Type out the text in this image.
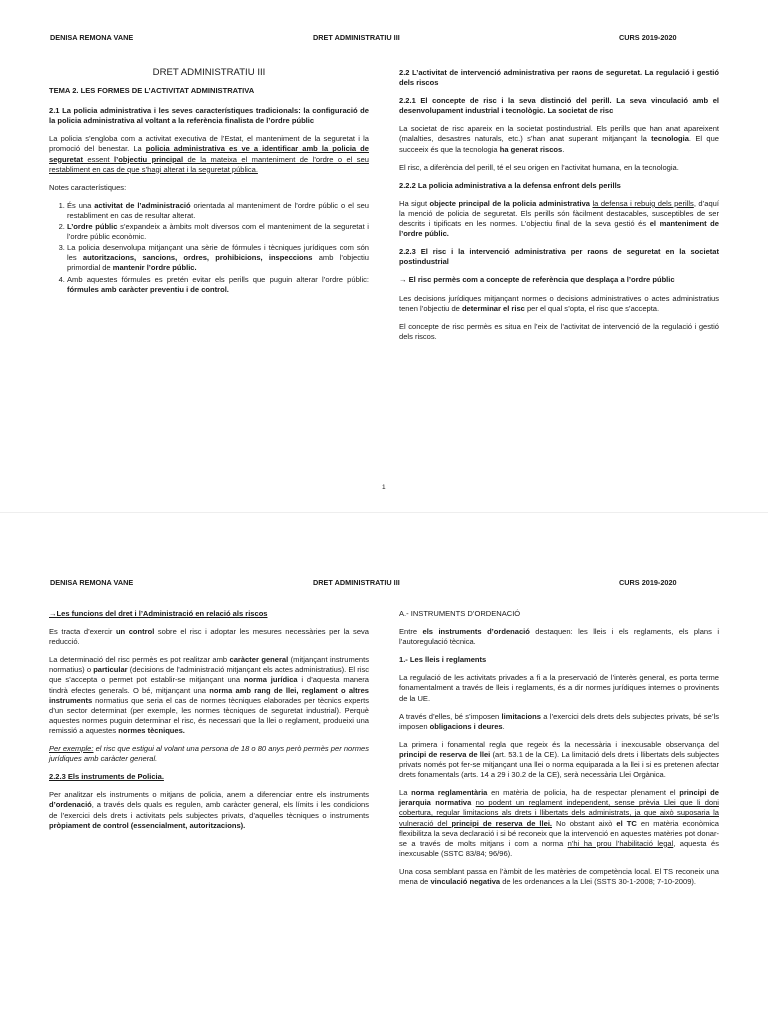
DENISA REMONA VANE	DRET ADMINISTRATIU III	CURS 2019-2020

DRET ADMINISTRATIU III

TEMA 2. LES FORMES DE L’ACTIVITAT ADMINISTRATIVA

2.1 La policia administrativa i les seves característiques tradicionals: la configuració de la policia administrativa al voltant a la referència finalista de l’ordre públic

La policia s’engloba com a activitat executiva de l’Estat, el manteniment de la seguretat i la promoció del benestar. La policia administrativa es ve a identificar amb la policia de seguretat essent l’objectiu principal de la mateixa el manteniment de l’ordre o el seu restabliment en cas de que s’hagi alterat i la seguretat pública.

Notes característiques:

1. És una activitat de l’administració orientada al manteniment de l’ordre públic o el seu restabliment en cas de resultar alterat.
2. L’ordre públic s’expandeix a àmbits molt diversos com el manteniment de la seguretat i l’ordre públic econòmic.
3. La policia desenvolupa mitjançant una sèrie de fórmules i tècniques jurídiques com són les autoritzacions, sancions, ordres, prohibicions, inspeccions amb l’objectiu primordial de mantenir l’ordre públic.
4. Amb aquestes fórmules es pretén evitar els perills que puguin alterar l’ordre públic: fórmules amb caràcter preventiu i de control.

2.2 L’activitat de intervenció administrativa per raons de seguretat. La regulació i gestió dels riscos

2.2.1 El concepte de risc i la seva distinció del perill. La seva vinculació amb el desenvolupament industrial i tecnològic. La societat de risc

La societat de risc apareix en la societat postindustrial. Els perills que han anat apareixent (malalties, desastres naturals, etc.) s’han anat superant mitjançant la tecnologia. El que succeeix és que la tecnologia ha generat riscos.

El risc, a diferència del perill, té el seu origen en l’activitat humana, en la tecnologia.

2.2.2 La policia administrativa a la defensa enfront dels perills

Ha sigut objecte principal de la policia administrativa la defensa i rebuig dels perills, d’aquí la menció de policia de seguretat. Els perills són fàcilment destacables, susceptibles de ser descrits i tipificats en les normes. L’objectiu final de la seva gestió és el manteniment de l’ordre públic.

2.2.3 El risc i la intervenció administrativa per raons de seguretat en la societat postindustrial

→ El risc permès com a concepte de referència que desplaça a l’ordre públic

Les decisions jurídiques mitjançant normes o decisions administratives o actes administratius tenen l’objectiu de determinar el risc per el qual s’opta, el risc que s’accepta.

El concepte de risc permès es situa en l’eix de l’activitat de intervenció de la regulació i gestió dels riscos.

1
DENISA REMONA VANE	DRET ADMINISTRATIU III	CURS 2019-2020

→Les funcions del dret i l’Administració en relació als riscos

Es tracta d’exercir un control sobre el risc i adoptar les mesures necessàries per la seva reducció.

La determinació del risc permès es pot realitzar amb caràcter general (mitjançant instruments normatius) o particular (decisions de l’administració mitjançant els actes administratius). El risc que s’accepta o permet pot establir-se mitjançant una norma jurídica i d’aquesta manera tindrà efectes generals. O bé, mitjançant una norma amb rang de llei, reglament o altres instruments normatius que seria el cas de normes tècniques elaborades per tècnics experts d’un sector determinat (per exemple, les normes tècniques de seguretat industrial). Perquè aquestes normes puguin determinar el risc, és necessari que la llei o reglament, produeixi una remissió a aquestes normes tècniques.

Per exemple: el risc que estigui al volant una persona de 18 o 80 anys però permès per normes jurídiques amb caràcter general.

2.2.3 Els instruments de Policia.

Per analitzar els instruments o mitjans de policia, anem a diferenciar entre els instruments d’ordenació, a través dels quals es regulen, amb caràcter general, els límits i les condicions de l’exercici dels drets i activitats pels subjectes privats, d’aquelles tècniques o instruments pròpiament de control (essencialment, autoritzacions).

A.- INSTRUMENTS D’ORDENACIÓ

Entre els instruments d’ordenació destaquen: les lleis i els reglaments, els plans i l’autoregulació tècnica.

1.- Les lleis i reglaments

La regulació de les activitats privades a fi a la preservació de l’interès general, es porta terme fonamentalment a través de lleis i reglaments, és a dir normes jurídiques internes o provinents de la UE.

A través d’elles, bé s’imposen limitacions a l’exercici dels drets dels subjectes privats, bé se’ls imposen obligacions i deures.

La primera i fonamental regla que regeix és la necessària i inexcusable observança del principi de reserva de llei (art. 53.1 de la CE). La limitació dels drets i llibertats dels subjectes privats només pot fer-se mitjançant una llei o norma equiparada a la llei i si es pretenen afectar drets fonamentals (arts. 14 a 29 i 30.2 de la CE), serà necessària Llei Orgànica.

La norma reglamentària en matèria de policia, ha de respectar plenament el principi de jerarquia normativa no podent un reglament independent, sense prèvia Llei que li doni cobertura, regular limitacions als drets i llibertats dels administrats, ja que això suposaria la vulneració del principi de reserva de llei. No obstant això el TC en matèria econòmica flexibilitza la seva declaració i si bé reconeix que la intervenció en aquestes matèries pot donar-se a través de molts mitjans i com a norma n’hi ha prou l’habilitació legal, aquesta és inexcusable (SSTC 83/84; 96/96).

Una cosa semblant passa en l’àmbit de les matèries de competència local. El TS reconeix una mena de vinculació negativa de les ordenances a la Llei (SSTS 30-1-2008; 7-10-2009).
